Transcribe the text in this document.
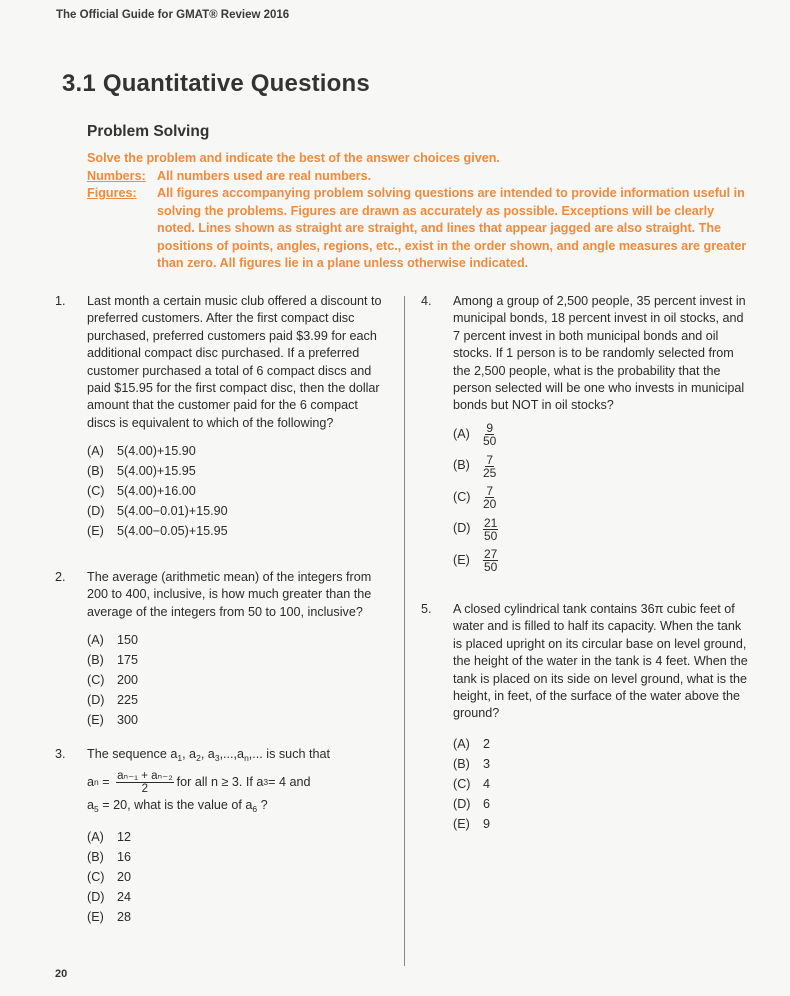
The Official Guide for GMAT® Review 2016
3.1 Quantitative Questions
Problem Solving
Solve the problem and indicate the best of the answer choices given.
Numbers: All numbers used are real numbers.
Figures:	All figures accompanying problem solving questions are intended to provide information useful in solving the problems. Figures are drawn as accurately as possible. Exceptions will be clearly noted. Lines shown as straight are straight, and lines that appear jagged are also straight. The positions of points, angles, regions, etc., exist in the order shown, and angle measures are greater than zero. All figures lie in a plane unless otherwise indicated.
1. Last month a certain music club offered a discount to preferred customers. After the first compact disc purchased, preferred customers paid $3.99 for each additional compact disc purchased. If a preferred customer purchased a total of 6 compact discs and paid $15.95 for the first compact disc, then the dollar amount that the customer paid for the 6 compact discs is equivalent to which of the following?
(A)	5(4.00)+15.90
(B)	5(4.00)+15.95
(C) 5(4.00)+16.00
(D) 5(4.00−0.01)+15.90
(E)	5(4.00−0.05)+15.95
2. The average (arithmetic mean) of the integers from 200 to 400, inclusive, is how much greater than the average of the integers from 50 to 100, inclusive?
(A)	150
(B)	175
(C) 200
(D) 225
(E)	300
3. The sequence $a_1$, $a_2$, $a_3,...,a_n$,... is such that
a $n = \frac{\text{aₙ₋₁ + aₙ₋₂}}{2}$ for all n ≥ 3. If a 3 = 4 and
$a_5 = 20$, what is the value of $a_6$ ?
(A)	12
(B)	16
(C) 20
(D) 24
(E)	28
4. Among a group of 2,500 people, 35 percent invest in municipal bonds, 18 percent invest in oil stocks, and 7 percent invest in both municipal bonds and oil stocks. If 1 person is to be randomly selected from the 2,500 people, what is the probability that the person selected will be one who invests in municipal bonds but NOT in oil stocks?
(A)	$\frac{9}{50}$
(B)	$\frac{7}{25}$
(C)	$\frac{7}{20}$
(D)	$\frac{21}{50}$
(E)	$\frac{27}{50}$
5. A closed cylindrical tank contains 36π cubic feet of water and is filled to half its capacity. When the tank is placed upright on its circular base on level ground, the height of the water in the tank is 4 feet. When the tank is placed on its side on level ground, what is the height, in feet, of the surface of the water above the ground?
(A)	2
(B)	3
(C) 4
(D) 6
(E)	9
20
